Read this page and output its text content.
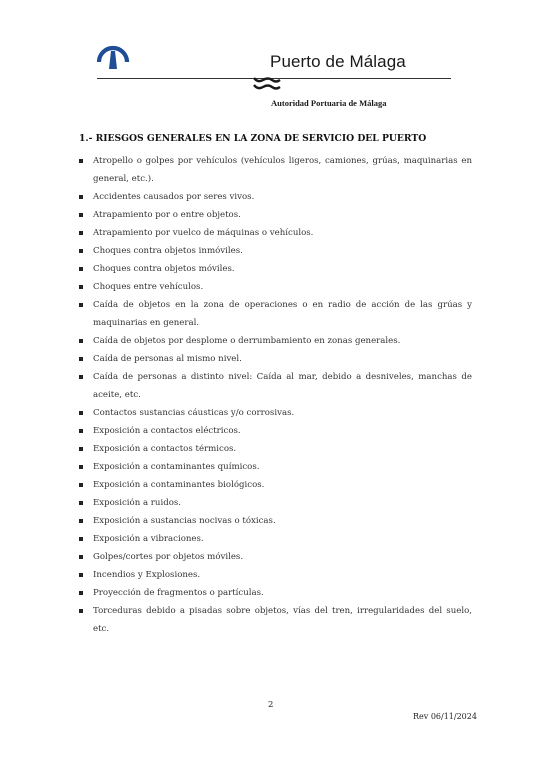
Puerto de Málaga
Autoridad Portuaria de Málaga
1.- RIESGOS GENERALES EN LA ZONA DE SERVICIO DEL PUERTO
Atropello o golpes por vehículos (vehículos ligeros, camiones, grúas, maquinarias en general, etc.).
Accidentes causados por seres vivos.
Atrapamiento por o entre objetos.
Atrapamiento por vuelco de máquinas o vehículos.
Choques contra objetos inmóviles.
Choques contra objetos móviles.
Choques entre vehículos.
Caída de objetos en la zona de operaciones o en radio de acción de las grúas y maquinarias en general.
Caída de objetos por desplome o derrumbamiento en zonas generales.
Caída de personas al mismo nivel.
Caída de personas a distinto nivel: Caída al mar, debido a desniveles, manchas de aceite, etc.
Contactos sustancias cáusticas y/o corrosivas.
Exposición a contactos eléctricos.
Exposición a contactos térmicos.
Exposición a contaminantes químicos.
Exposición a contaminantes biológicos.
Exposición a ruidos.
Exposición a sustancias nocivas o tóxicas.
Exposición a vibraciones.
Golpes/cortes por objetos móviles.
Incendios y Explosiones.
Proyección de fragmentos o partículas.
Torceduras debido a pisadas sobre objetos, vías del tren, irregularidades del suelo, etc.
2
Rev 06/11/2024
